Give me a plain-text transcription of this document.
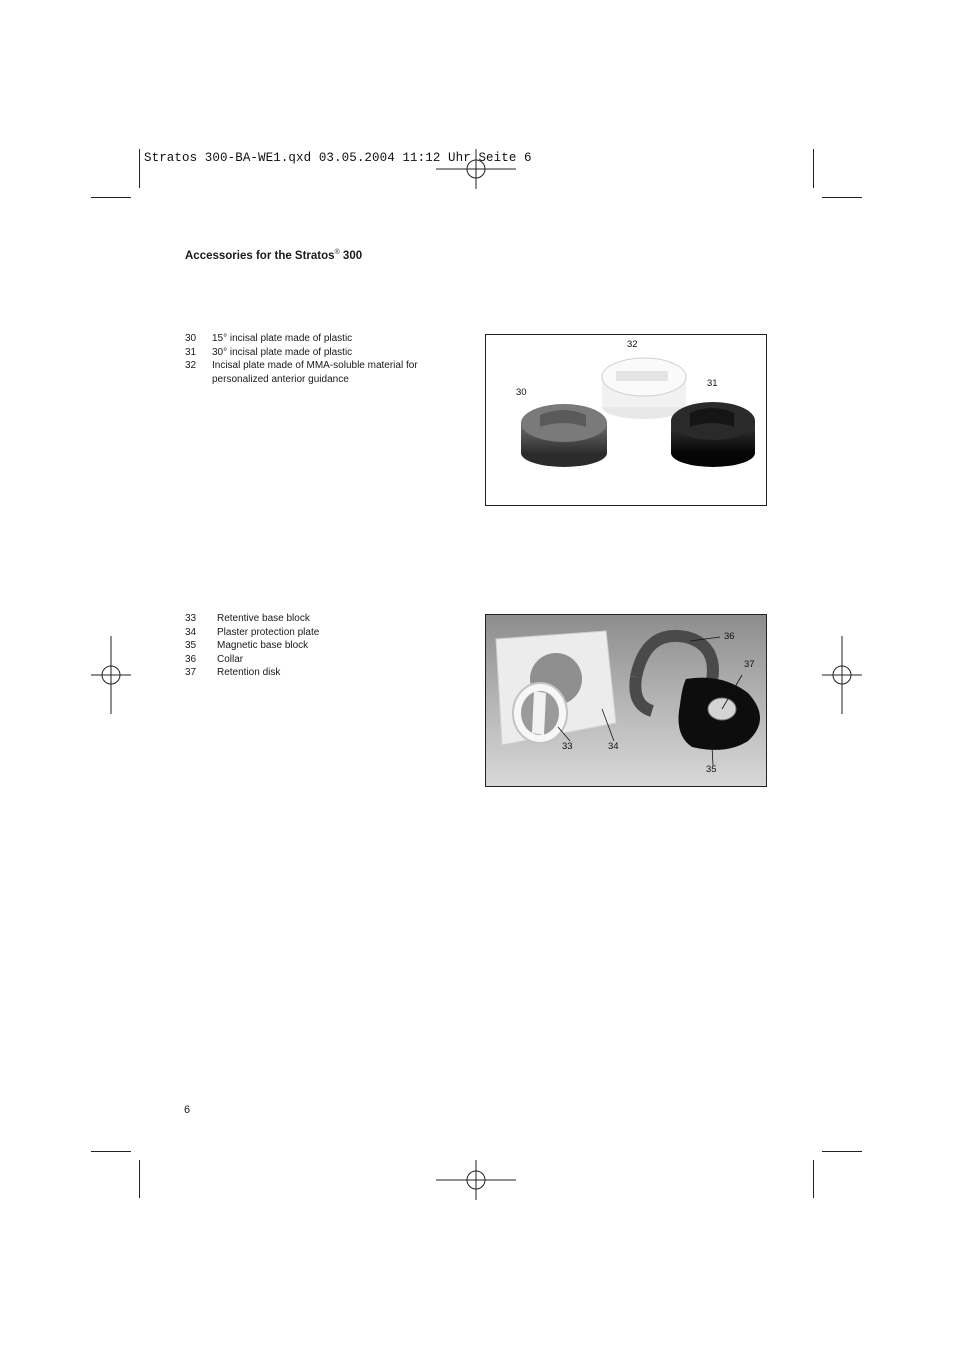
Stratos 300-BA-WE1.qxd 03.05.2004 11:12 Uhr Seite 6
Accessories for the Stratos® 300
30	15° incisal plate made of plastic
31	30° incisal plate made of plastic
32	Incisal plate made of MMA-soluble material for
personalized anterior guidance
30
31
32
33	Retentive base block
34	Plaster protection plate
35	Magnetic base block
36	Collar
37	Retention disk
33	34
35
36
37
6
